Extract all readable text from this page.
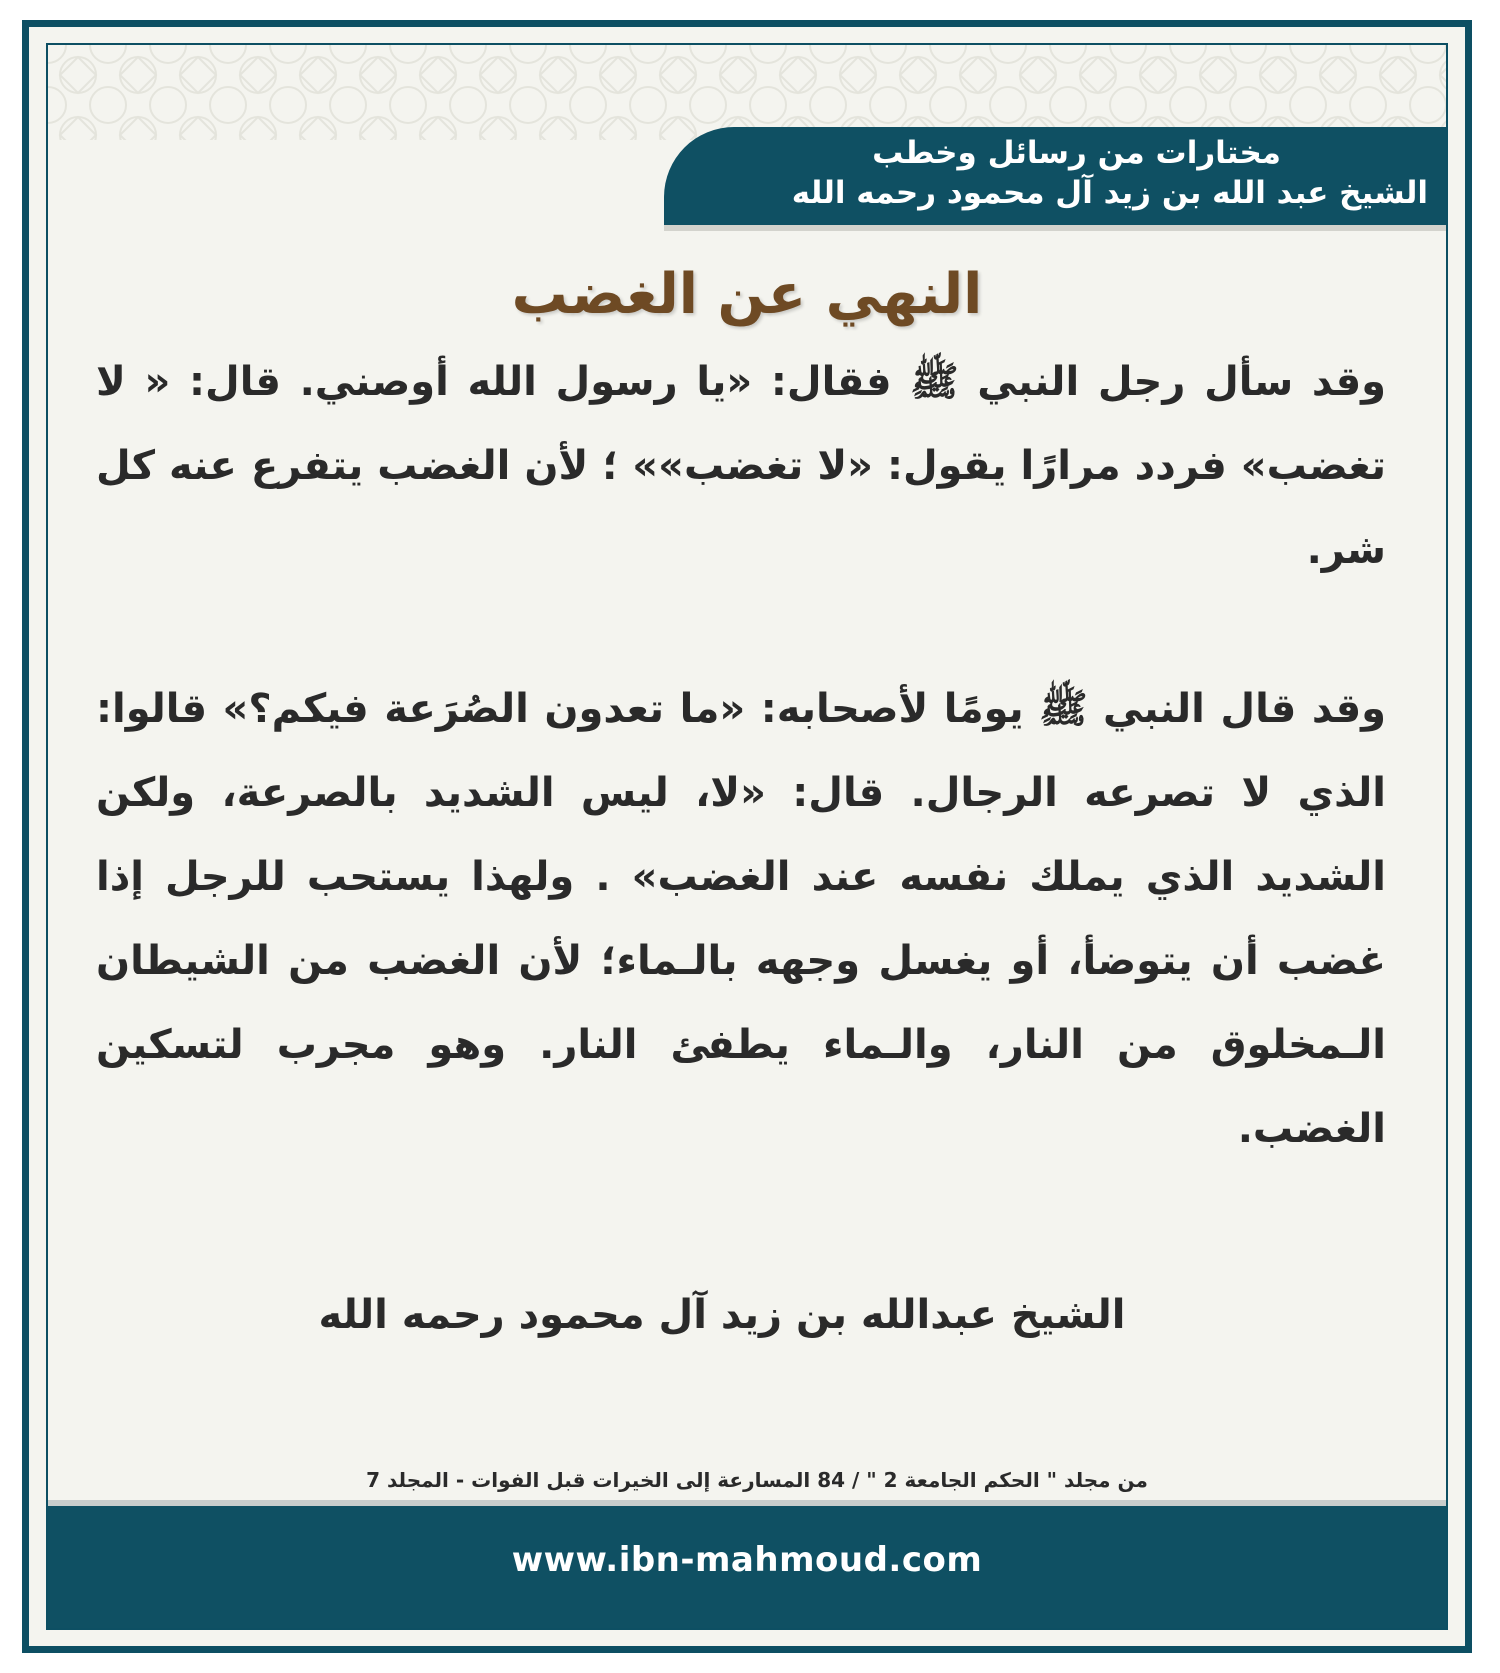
مختارات من رسائل وخطب
الشيخ عبد الله بن زيد آل محمود رحمه الله
النهي عن الغضب

وقد سأل رجل النبي ﷺ فقال: «يا رسول الله أوصني. قال: « لا تغضب» فردد مرارًا يقول: «لا تغضب»» ؛ لأن الغضب يتفرع عنه كل شر.

وقد قال النبي ﷺ يومًا لأصحابه: «ما تعدون الصُرَعة فيكم؟» قالوا: الذي لا تصرعه الرجال. قال: «لا، ليس الشديد بالصرعة، ولكن الشديد الذي يملك نفسه عند الغضب» . ولهذا يستحب للرجل إذا غضب أن يتوضأ، أو يغسل وجهه بالـماء؛ لأن الغضب من الشيطان الـمخلوق من النار، والـماء يطفئ النار. وهو مجرب لتسكين الغضب.

الشيخ عبدالله بن زيد آل محمود رحمه الله
من مجلد " الحكم الجامعة 2 " / 84 المسارعة إلى الخيرات قبل الفوات - المجلد 7
www.ibn-mahmoud.com
